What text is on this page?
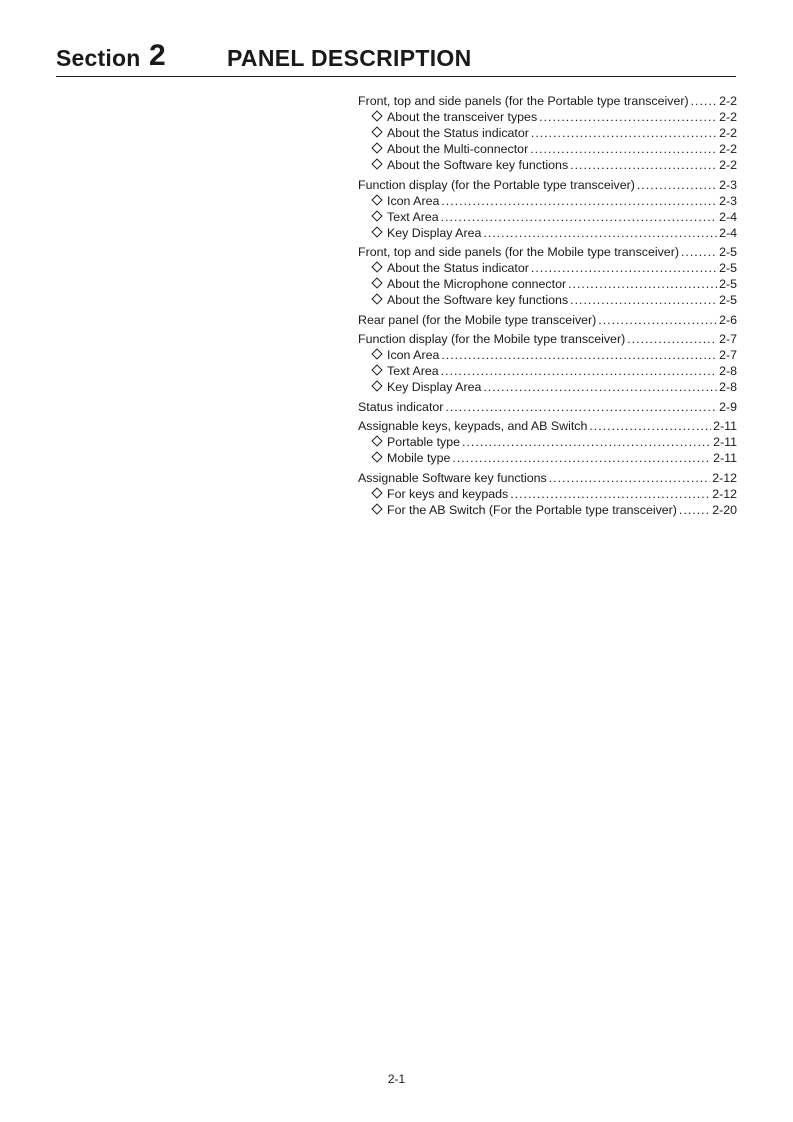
Section 2	PANEL DESCRIPTION
Front, top and side panels (for the Portable type transceiver) ..... 2-2
About the transceiver types .....	2-2
About the Status indicator .....	2-2
About the Multi-connector .....	2-2
About the Software key functions .....	2-2
Function display (for the Portable type transceiver) .....	2-3
Icon Area .....	2-3
Text Area .....	2-4
Key Display Area .....	2-4
Front, top and side panels (for the Mobile type transceiver) .....	2-5
About the Status indicator .....	2-5
About the Microphone connector .....	2-5
About the Software key functions .....	2-5
Rear panel (for the Mobile type transceiver) .....	2-6
Function display (for the Mobile type transceiver) .....	2-7
Icon Area .....	2-7
Text Area .....	2-8
Key Display Area .....	2-8
Status indicator .....	2-9
Assignable keys, keypads, and AB Switch .....	2-11
Portable type .....	2-11
Mobile type .....	2-11
Assignable Software key functions .....	2-12
For keys and keypads .....	2-12
For the AB Switch (For the Portable type transceiver) .....	2-20
2-1
